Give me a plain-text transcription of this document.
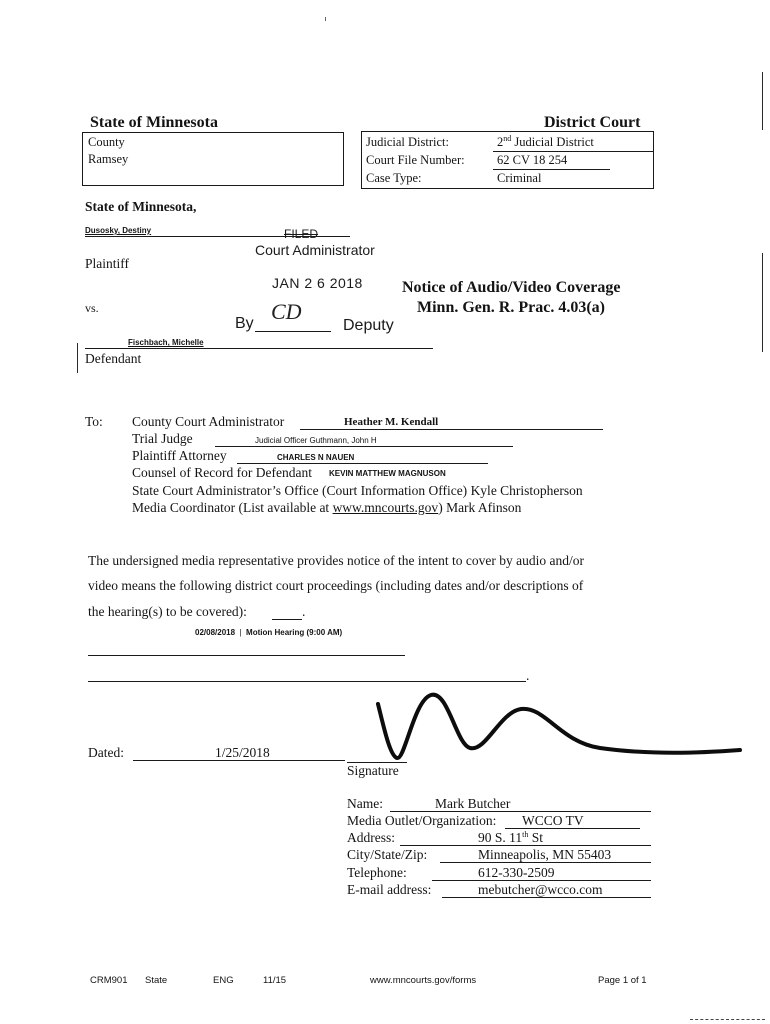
State of Minnesota	District Court
County
Ramsey
Judicial District:	2nd Judicial District
Court File Number:	62 CV 18 254
Case Type:	Criminal
State of Minnesota,
Dusosky, Destiny
Plaintiff
vs.
Fischbach, Michelle
Defendant
FILED
Court Administrator
JAN 2 6 2018
By CD
Deputy
Notice of Audio/Video Coverage
Minn. Gen. R. Prac. 4.03(a)
To: County Court Administrator	Heather M. Kendall
Trial Judge	Judicial Officer Guthmann, John H
Plaintiff Attorney	CHARLES N NAUEN
Counsel of Record for Defendant KEVIN MATTHEW MAGNUSON
State Court Administrator’s Office (Court Information Office) Kyle Christopherson
Media Coordinator (List available at www.mncourts.gov) Mark Afinson
The undersigned media representative provides notice of the intent to cover by audio and/or
video means the following district court proceedings (including dates and/or descriptions of
the hearing(s) to be covered):	.
02/08/2018 | Motion Hearing (9:00 AM)
.
Dated:	1/25/2018
Signature
Name:	Mark Butcher
Media Outlet/Organization: WCCO TV
Address:	90 S. 11th St
City/State/Zip:	Minneapolis, MN 55403
Telephone:	612-330-2509
E-mail address:	mebutcher@wcco.com
CRM901 State	ENG	11/15	www.mncourts.gov/forms	Page 1 of 1
